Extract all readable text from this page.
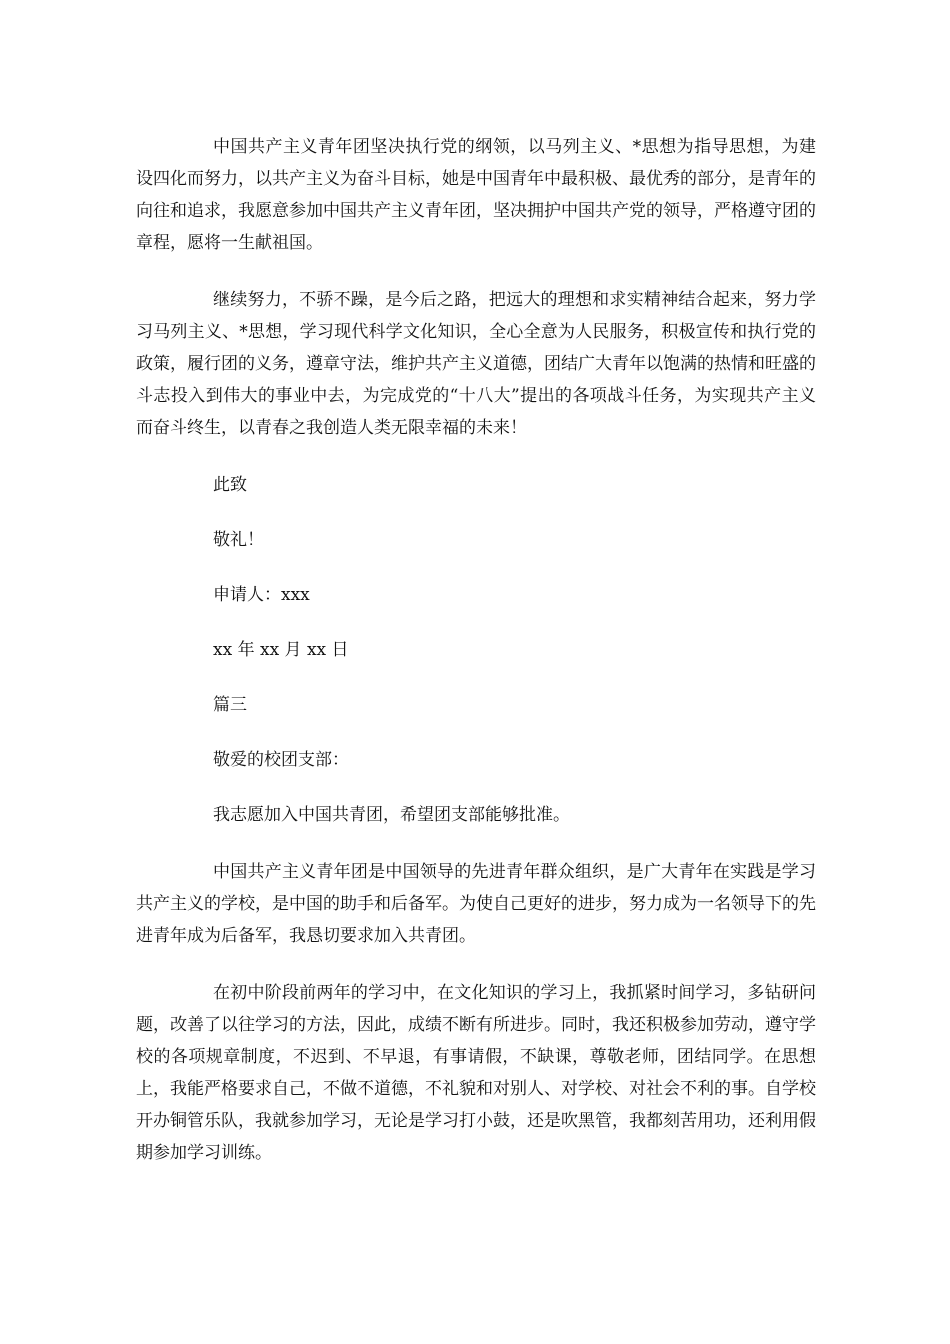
中国共产主义青年团坚决执行党的纲领，以马列主义、*思想为指导思想，为建设四化而努力，以共产主义为奋斗目标，她是中国青年中最积极、最优秀的部分，是青年的向往和追求，我愿意参加中国共产主义青年团，坚决拥护中国共产党的领导，严格遵守团的章程，愿将一生献祖国。

继续努力，不骄不躁，是今后之路，把远大的理想和求实精神结合起来，努力学习马列主义、*思想，学习现代科学文化知识，全心全意为人民服务，积极宣传和执行党的政策，履行团的义务，遵章守法，维护共产主义道德，团结广大青年以饱满的热情和旺盛的斗志投入到伟大的事业中去，为完成党的“十八大”提出的各项战斗任务，为实现共产主义而奋斗终生，以青春之我创造人类无限幸福的未来！

此致

敬礼！

申请人：xxx

xx 年 xx 月 xx 日

篇三

敬爱的校团支部：

我志愿加入中国共青团，希望团支部能够批准。

中国共产主义青年团是中国领导的先进青年群众组织，是广大青年在实践是学习共产主义的学校，是中国的助手和后备军。为使自己更好的进步，努力成为一名领导下的先进青年成为后备军，我恳切要求加入共青团。

在初中阶段前两年的学习中，在文化知识的学习上，我抓紧时间学习，多钻研问题，改善了以往学习的方法，因此，成绩不断有所进步。同时，我还积极参加劳动，遵守学校的各项规章制度，不迟到、不早退，有事请假，不缺课，尊敬老师，团结同学。在思想上，我能严格要求自己，不做不道德，不礼貌和对别人、对学校、对社会不利的事。自学校开办铜管乐队，我就参加学习，无论是学习打小鼓，还是吹黑管，我都刻苦用功，还利用假期参加学习训练。
